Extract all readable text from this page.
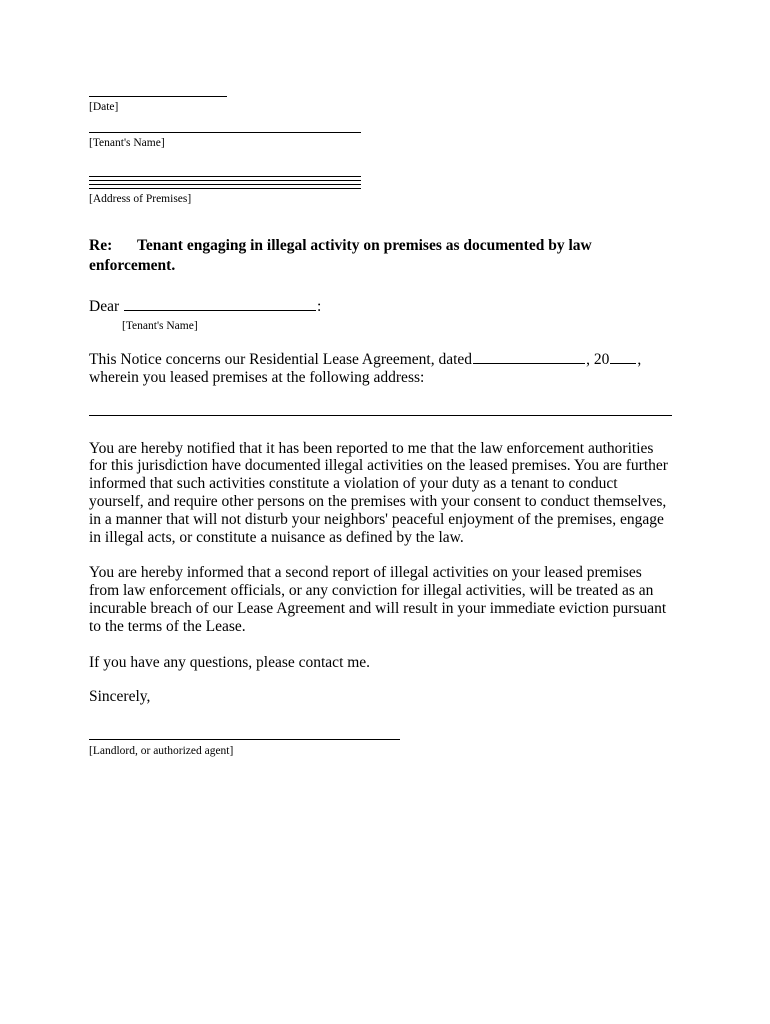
[Date]
[Tenant's Name]
[Address of Premises]
Re: Tenant engaging in illegal activity on premises as documented by law enforcement.
Dear	:
[Tenant's Name]

This Notice concerns our Residential Lease Agreement, dated	, 20 ,
wherein you leased premises at the following address:

You are hereby notified that it has been reported to me that the law enforcement authorities for this jurisdiction have documented illegal activities on the leased premises. You are further informed that such activities constitute a violation of your duty as a tenant to conduct yourself, and require other persons on the premises with your consent to conduct themselves, in a manner that will not disturb your neighbors' peaceful enjoyment of the premises, engage in illegal acts, or constitute a nuisance as defined by the law.

You are hereby informed that a second report of illegal activities on your leased premises from law enforcement officials, or any conviction for illegal activities, will be treated as an incurable breach of our Lease Agreement and will result in your immediate eviction pursuant to the terms of the Lease.

If you have any questions, please contact me.

Sincerely,

[Landlord, or authorized agent]
